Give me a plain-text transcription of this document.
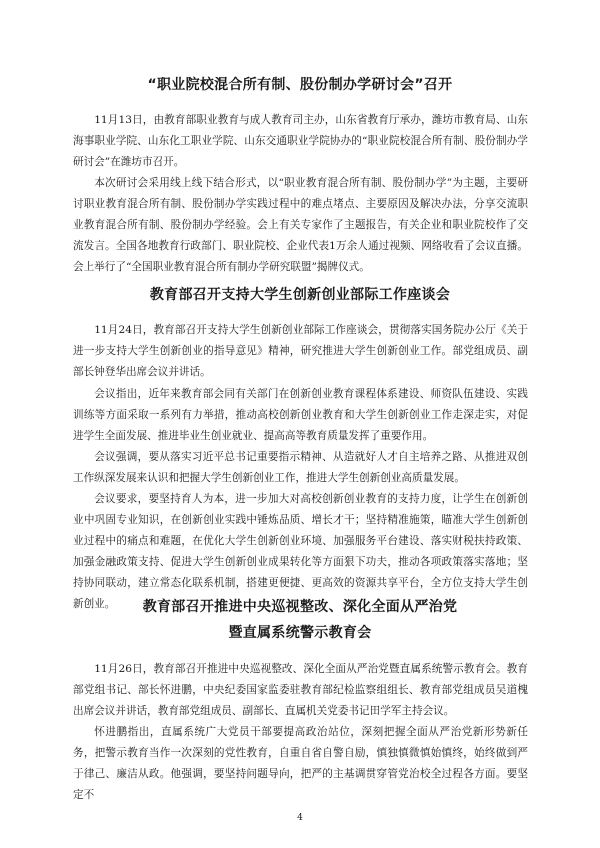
“职业院校混合所有制、股份制办学研讨会”召开

11月13日，由教育部职业教育与成人教育司主办，山东省教育厅承办，潍坊市教育局、山东海事职业学院、山东化工职业学院、山东交通职业学院协办的“职业院校混合所有制、股份制办学研讨会”在潍坊市召开。

本次研讨会采用线上线下结合形式，以“职业教育混合所有制、股份制办学”为主题，主要研讨职业教育混合所有制、股份制办学实践过程中的难点堵点、主要原因及解决办法，分享交流职业教育混合所有制、股份制办学经验。会上有关专家作了主题报告，有关企业和职业院校作了交流发言。全国各地教育行政部门、职业院校、企业代表1万余人通过视频、网络收看了会议直播。会上举行了“全国职业教育混合所有制办学研究联盟”揭牌仪式。

教育部召开支持大学生创新创业部际工作座谈会

11月24日，教育部召开支持大学生创新创业部际工作座谈会，贯彻落实国务院办公厅《关于进一步支持大学生创新创业的指导意见》精神，研究推进大学生创新创业工作。部党组成员、副部长钟登华出席会议并讲话。

会议指出，近年来教育部会同有关部门在创新创业教育课程体系建设、师资队伍建设、实践训练等方面采取一系列有力举措，推动高校创新创业教育和大学生创新创业工作走深走实，对促进学生全面发展、推进毕业生创业就业、提高高等教育质量发挥了重要作用。

会议强调，要从落实习近平总书记重要指示精神、从造就好人才自主培养之路、从推进双创工作纵深发展来认识和把握大学生创新创业工作，推进大学生创新创业高质量发展。

会议要求，要坚持育人为本，进一步加大对高校创新创业教育的支持力度，让学生在创新创业中巩固专业知识，在创新创业实践中锤炼品质、增长才干；坚持精准施策，瞄准大学生创新创业过程中的痛点和难题，在优化大学生创新创业环境、加强服务平台建设、落实财税扶持政策、加强金融政策支持、促进大学生创新创业成果转化等方面狠下功夫，推动各项政策落实落地；坚持协同联动，建立常态化联系机制，搭建更便捷、更高效的资源共享平台，全方位支持大学生创新创业。	教育部召开推进中央巡视整改、深化全面从严治党
暨直属系统警示教育会

11月26日，教育部召开推进中央巡视整改、深化全面从严治党暨直属系统警示教育会。教育部党组书记、部长怀进鹏，中央纪委国家监委驻教育部纪检监察组组长、教育部党组成员吴道槐出席会议并讲话，教育部党组成员、副部长、直属机关党委书记田学军主持会议。

怀进鹏指出，直属系统广大党员干部要提高政治站位，深刻把握全面从严治党新形势新任务，把警示教育当作一次深刻的党性教育，自重自省自警自励，慎独慎微慎始慎终，始终做到严于律己、廉洁从政。他强调，要坚持问题导向，把严的主基调贯穿管党治校全过程各方面。要坚定不

4
